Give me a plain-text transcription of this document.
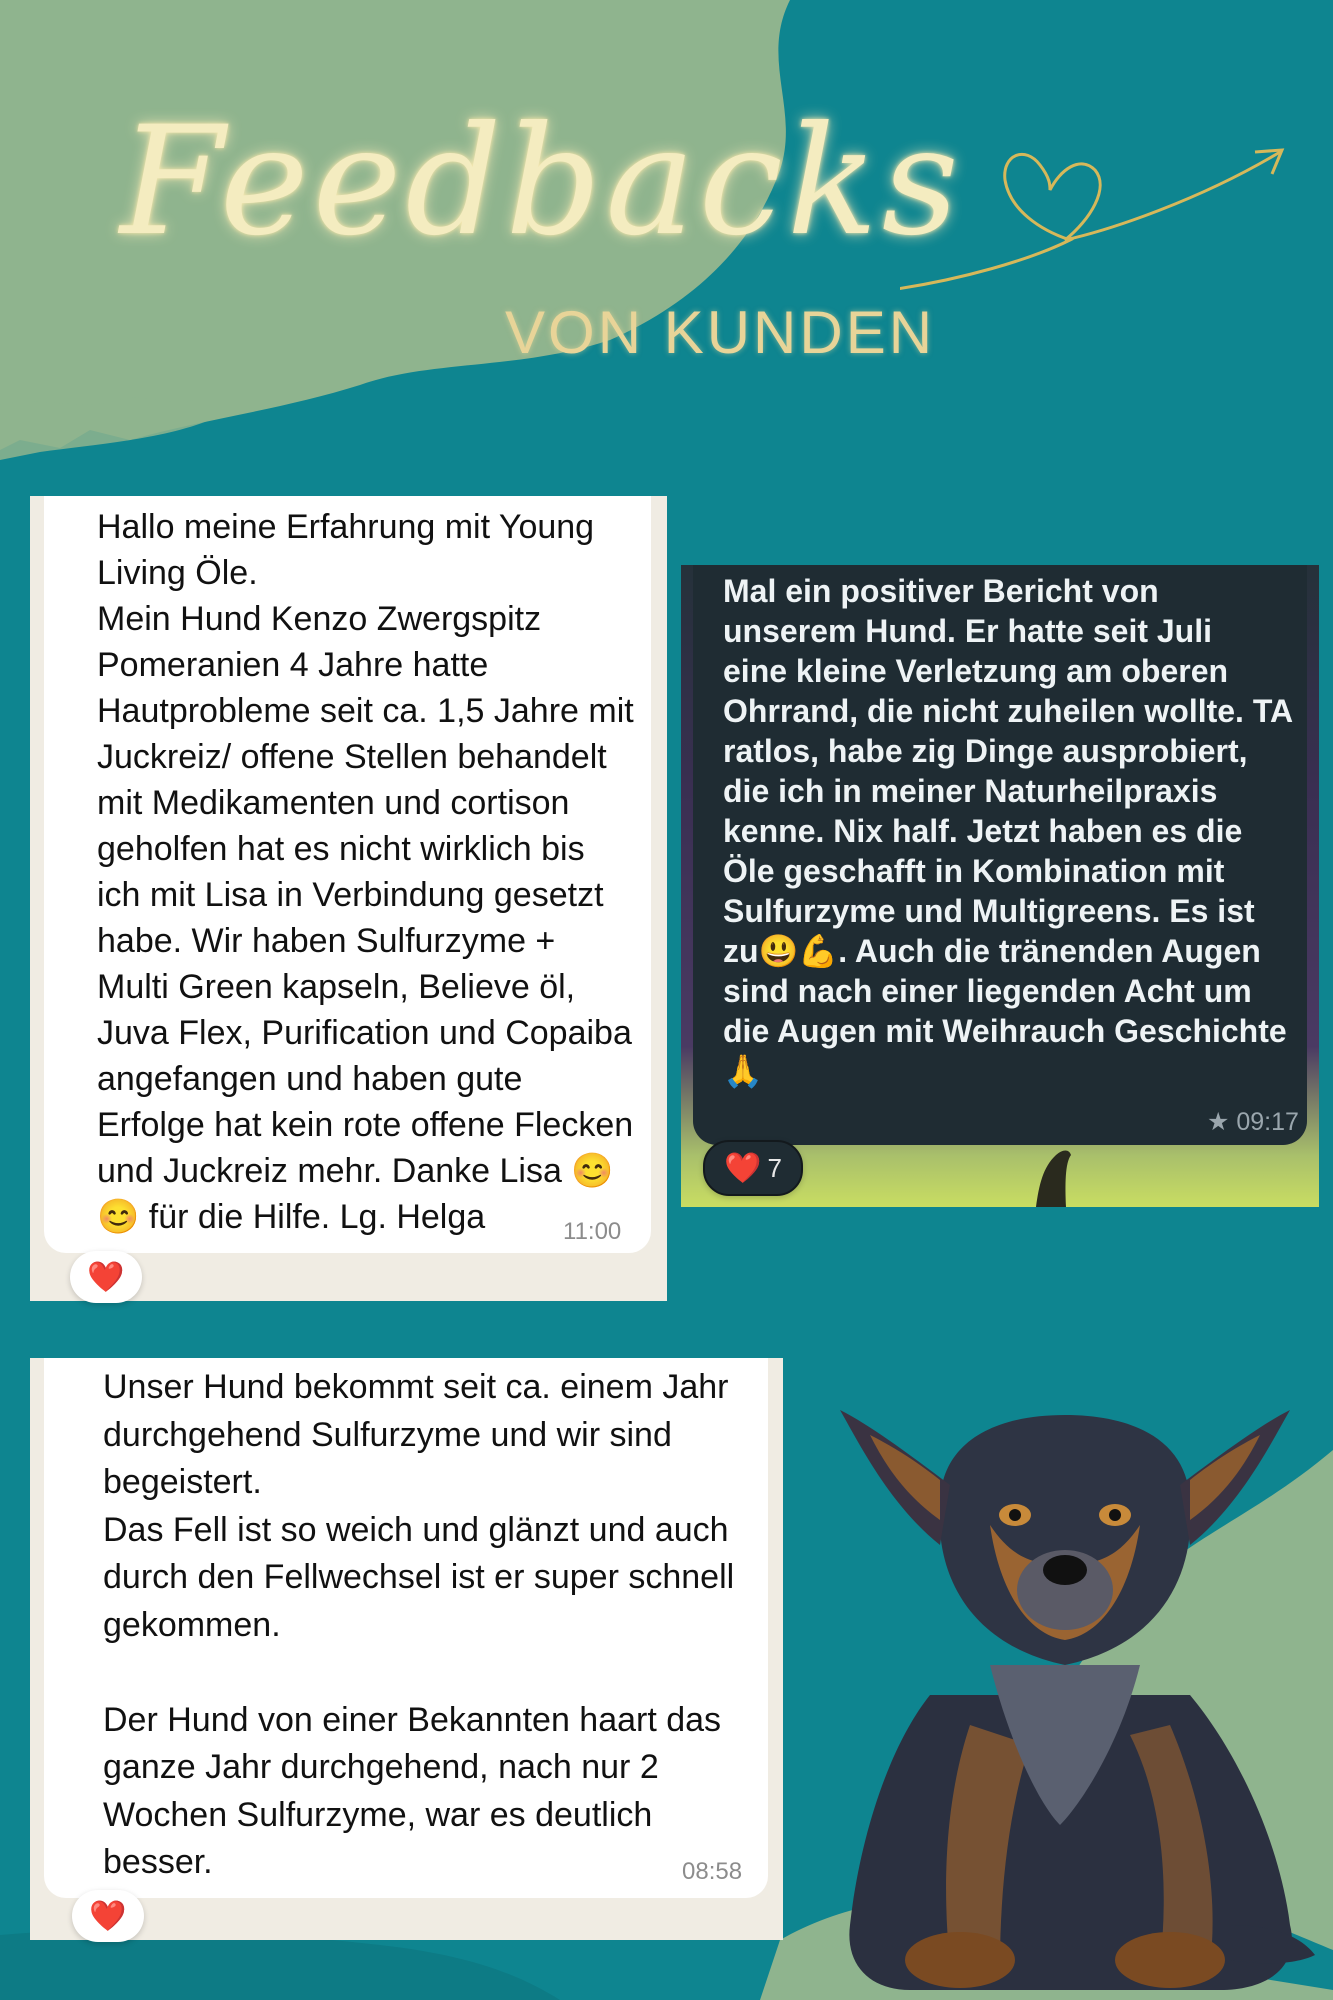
Feedbacks
VON KUNDEN

Hallo meine Erfahrung mit Young
Living Öle.
Mein Hund Kenzo Zwergspitz
Pomeranien 4 Jahre hatte
Hautprobleme seit ca. 1,5 Jahre mit
Juckreiz/ offene Stellen behandelt
mit Medikamenten und cortison
geholfen hat es nicht wirklich bis
ich mit Lisa in Verbindung gesetzt
habe. Wir haben Sulfurzyme +
Multi Green kapseln, Believe öl,
Juva Flex, Purification und Copaiba
angefangen und haben gute
Erfolge hat kein rote offene Flecken
und Juckreiz mehr. Danke Lisa 😊
😊 für die Hilfe. Lg. Helga

❤️
11:00

Mal ein positiver Bericht von
unserem Hund. Er hatte seit Juli
eine kleine Verletzung am oberen
Ohrrand, die nicht zuheilen wollte. TA
ratlos, habe zig Dinge ausprobiert,
die ich in meiner Naturheilpraxis
kenne. Nix half. Jetzt haben es die
Öle geschafft in Kombination mit
Sulfurzyme und Multigreens. Es ist
zu😃💪. Auch die tränenden Augen
sind nach einer liegenden Acht um
die Augen mit Weihrauch Geschichte
🙏

★ 09:17
❤️ 7

Unser Hund bekommt seit ca. einem Jahr
durchgehend Sulfurzyme und wir sind
begeistert.
Das Fell ist so weich und glänzt und auch
durch den Fellwechsel ist er super schnell
gekommen.

Der Hund von einer Bekannten haart das
ganze Jahr durchgehend, nach nur 2
Wochen Sulfurzyme, war es deutlich
besser.

❤️
08:58
